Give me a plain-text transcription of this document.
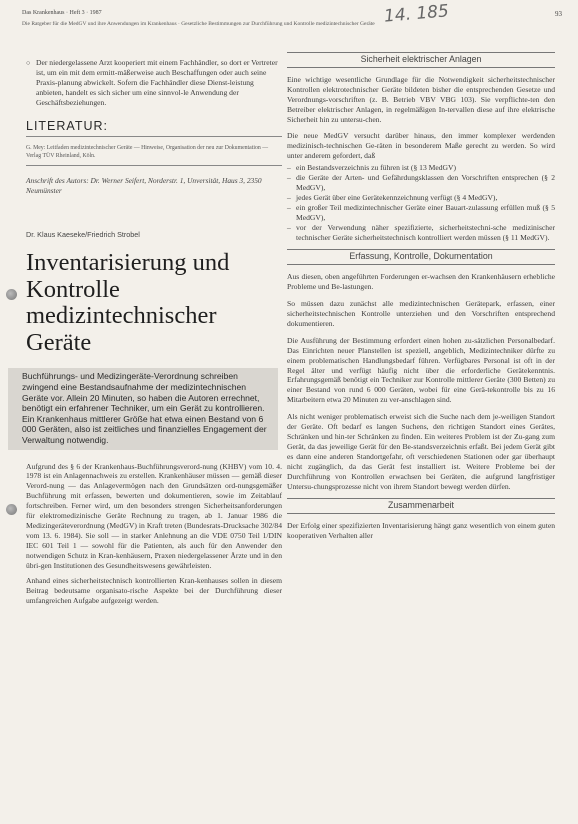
Das Krankenhaus · Heft 3 · 1987	14. 185	93
Die Ratgeber für die MedGV und ihre Anwendungen im Krankenhaus · Gesetzliche Bestimmungen zur Durchführung und Kontrolle medizintechnischer Geräte
○ Der niedergelassene Arzt kooperiert mit einem Fachhändler, so dort er Vertreter ist, um ein mit dem ermitt-mäßerweise auch Beschaffungen oder auch seine Praxis-planung abwickelt. Sofern die Fachhändler diese Dienst-leistung anbieten, handelt es sich sicher um eine sinnvol-le Anwendung der Geschäftsbeziehungen.
LITERATUR:
G. Mey: Leitfaden medizintechnischer Geräte — Hinweise, Organisation der neu zur Dokumentation — Verlag TÜV Rheinland, Köln.
Anschrift des Autors: Dr. Werner Seifert, Norderstr. 1, Unversität, Haus 3, 2350 Neumünster
Dr. Klaus Kaeseke/Friedrich Strobel
Inventarisierung und Kontrolle medizintechnischer Geräte
Buchführungs- und Medizingeräte-Verordnung schreiben zwingend eine Bestandsaufnahme der medizintechnischen Geräte vor. Allein 20 Minuten, so haben die Autoren errechnet, benötigt ein erfahrener Techniker, um ein Gerät zu kontrollieren. Ein Krankenhaus mittlerer Größe hat etwa einen Bestand von 6 000 Geräten, also ist zeitliches und finanzielles Engagement der Verwaltung notwendig.

Aufgrund des § 6 der Krankenhaus-Buchführungsverord-nung (KHBV) vom 10. 4. 1978 ist ein Anlagennachweis zu erstellen. Krankenhäuser müssen — gemäß dieser Verord-nung — das Anlagevermögen nach den Grundsätzen ord-nungsgemäßer Buchführung mit erfassen, bewerten und dokumentieren, sowie im Zeitablauf fortschreiben. Ferner wird, um den besonders strengen Sicherheitsanforderungen für elektromedizinische Geräte Rechnung zu tragen, ab 1. Januar 1986 die Medizingeräteverordnung (MedGV) in Kraft treten (Bundesrats-Drucksache 302/84 vom 13. 6. 1984). Sie soll — in starker Anlehnung an die VDE 0750 Teil 1/DIN IEC 601 Teil 1 — sowohl für die Patienten, als auch für den Anwender den notwendigen Schutz in Kran-kenhäusern, Praxen niedergelassener Ärzte und in den übri-gen Institutionen des Gesundheitswesens gewährleisten.

Anhand eines sicherheitstechnisch kontrollierten Kran-kenhauses sollen in diesem Beitrag bedeutsame organisato-rische Aspekte bei der Durchführung dieser umfangreichen Aufgabe aufgezeigt werden.

Sicherheit elektrischer Anlagen

Eine wichtige wesentliche Grundlage für die Notwendigkeit sicherheitstechnischer Kontrollen elektrotechnischer Geräte bildeten bisher die entsprechenden Gesetze und Verordnungs-vorschriften (z. B. Betrieb VBV VBG 103). Sie verpflichte-ten den Betreiber elektrischer Anlagen, in regelmäßigen In-tervallen diese auf ihre elektrische Sicherheit hin zu untersu-chen.

Die neue MedGV versucht darüber hinaus, den immer komplexer werdenden medizinisch-technischen Ge-räten in besonderem Maße gerecht zu werden. So wird unter anderem gefordert, daß

– ein Bestandsverzeichnis zu führen ist (§ 13 MedGV)
– die Geräte der Arten- und Gefährdungsklassen den Vorschriften entsprechen (§ 2 MedGV),
– jedes Gerät über eine Gerätekennzeichnung verfügt (§ 4 MedGV),
– ein großer Teil medizintechnischer Geräte einer Bauart-zulassung erfüllen muß (§ 5 MedGV),
– vor der Verwendung näher spezifizierte, sicherheitstechni-sche medizinischer technischer Geräte sicherheitstechnisch kontrolliert werden müssen (§ 11 MedGV).
Erfassung, Kontrolle, Dokumentation

Aus diesen, oben angeführten Forderungen er-wachsen den Krankenhäusern erhebliche Probleme und Be-lastungen.

So müssen dazu zunächst alle medizintechnischen Gerätepark, erfassen, einer sicherheitstechnischen Kontrolle unterziehen und den Vorschriften entsprechend dokumentieren.

Die Ausführung der Bestimmung erfordert einen hohen zu-sätzlichen Personalbedarf. Das Einrichten neuer Planstellen ist speziell, angeblich, Medizintechniker dürfte zu einem problematischen Handlungsbedarf führen. Verfügbares Personal ist oft in der Regel älter und verfügt häufig nicht über die erforderliche Gerätekenntnis. Erfahrungsgemäß benötigt ein Techniker zur Kontrolle mittlerer Geräte (300 Betten) zu einer Bestand von rund 6 000 Geräten, wobei für eine Gerä-tekontrolle bis zu 16 Mitarbeitern etwa 20 Minuten zu ver-anschlagen sind.

Als nicht weniger problematisch erweist sich die Suche nach dem je-weiligen Standort der Geräte. Oft bedarf es langen Suchens, den richtigen Standort eines Gerätes, Schränken und hin-ter Schränken zu finden. Ein weiteres Problem ist der Zu-gang zum Gerät, da das jeweilige Gerät für den Be-standsverzeichnis erfaßt. Bei jedem Gerät gibt es dann eine anderen Standortgefahr, oft verschiedenen Stationen oder gar überhaupt nicht zugänglich, da das Gerät fest installiert ist. Weitere Probleme bei der Durchführung von Kontrollen erwachsen bei Geräten, die aufgrund langfristiger Untersu-chungsprozesse nicht von ihrem Standort bewegt werden dürfen.

Zusammenarbeit

Der Erfolg einer spezifizierten Inventarisierung hängt ganz wesentlich von einem guten kooperativen Verhalten aller
